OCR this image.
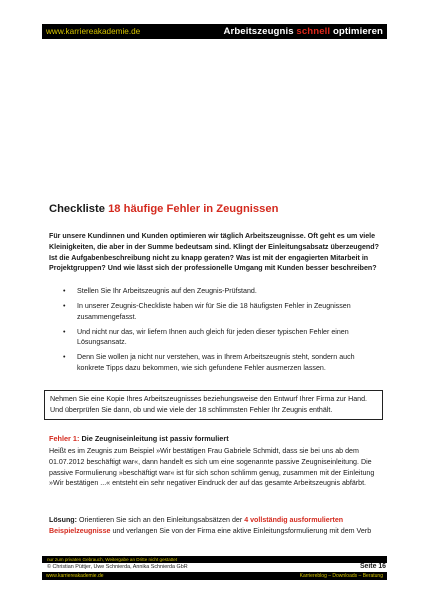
www.karriereakademie.de	Arbeitszeugnis schnell optimieren
Checkliste 18 häufige Fehler in Zeugnissen

Für unsere Kundinnen und Kunden optimieren wir täglich Arbeitszeugnisse. Oft geht es um viele Kleinigkeiten, die aber in der Summe bedeutsam sind. Klingt der Einleitungsabsatz überzeugend? Ist die Aufgabenbeschreibung nicht zu knapp geraten? Was ist mit der engagierten Mitarbeit in Projektgruppen? Und wie lässt sich der professionelle Umgang mit Kunden besser beschreiben?

• Stellen Sie Ihr Arbeitszeugnis auf den Zeugnis-Prüfstand.
• In unserer Zeugnis-Checkliste haben wir für Sie die 18 häufigsten Fehler in Zeugnissen zusammengefasst.
• Und nicht nur das, wir liefern Ihnen auch gleich für jeden dieser typischen Fehler einen Lösungsansatz.
• Denn Sie wollen ja nicht nur verstehen, was in Ihrem Arbeitszeugnis steht, sondern auch konkrete Tipps dazu bekommen, wie sich gefundene Fehler ausmerzen lassen.
Nehmen Sie eine Kopie Ihres Arbeitszeugnisses beziehungsweise den Entwurf Ihrer Firma zur Hand. Und überprüfen Sie dann, ob und wie viele der 18 schlimmsten Fehler Ihr Zeugnis enthält.

Fehler 1: Die Zeugniseinleitung ist passiv formuliert

Heißt es im Zeugnis zum Beispiel »Wir bestätigen Frau Gabriele Schmidt, dass sie bei uns ab dem 01.07.2012 beschäftigt war«, dann handelt es sich um eine sogenannte passive Zeugniseinleitung. Die passive Formulierung »beschäftigt war« ist für sich schon schlimm genug, zusammen mit der Einleitung »Wir bestätigen ...« entsteht ein sehr negativer Eindruck der auf das gesamte Arbeitszeugnis abfärbt.

Lösung: Orientieren Sie sich an den Einleitungsabsätzen der 4 vollständig ausformulierten Beispielzeugnisse und verlangen Sie von der Firma eine aktive Einleitungsformulierung mit dem Verb

nur zum privaten Gebrauch, Weitergabe an Dritte nicht gestattet
© Christian Püttjer, Uwe Schnierda, Annika Schnierda GbR	Seite 16
www.karriereakademie.de	Karriereblog – Downloads – Beratung
